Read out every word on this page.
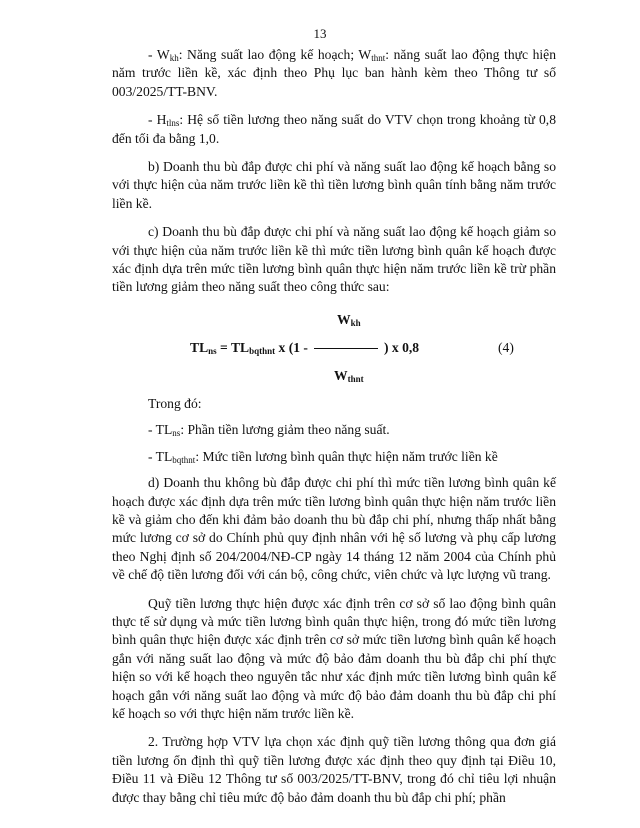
13

- $W_{kh}$: Năng suất lao động kế hoạch; $W_{thnt}$: năng suất lao động thực hiện năm trước liền kề, xác định theo Phụ lục ban hành kèm theo Thông tư số 003/2025/TT-BNV.

- $H_{tlns}$: Hệ số tiền lương theo năng suất do VTV chọn trong khoảng từ 0,8 đến tối đa bằng 1,0.

b) Doanh thu bù đắp được chi phí và năng suất lao động kế hoạch bằng so với thực hiện của năm trước liền kề thì tiền lương bình quân tính bằng năm trước liền kề.

c) Doanh thu bù đắp được chi phí và năng suất lao động kế hoạch giảm so với thực hiện của năm trước liền kề thì mức tiền lương bình quân kế hoạch được xác định dựa trên mức tiền lương bình quân thực hiện năm trước liền kề trừ phần tiền lương giảm theo năng suất theo công thức sau:

$W_{kh}$
$TL_{ns} = TL_{bqthnt}$ x (1 -	) x 0,8
$W_{thnt}$
(4)

Trong đó:

- $TL_{ns}$: Phần tiền lương giảm theo năng suất.

- $TL_{bqthnt}$: Mức tiền lương bình quân thực hiện năm trước liền kề

d) Doanh thu không bù đắp được chi phí thì mức tiền lương bình quân kế hoạch được xác định dựa trên mức tiền lương bình quân thực hiện năm trước liền kề và giảm cho đến khi đảm bảo doanh thu bù đắp chi phí, nhưng thấp nhất bằng mức lương cơ sở do Chính phủ quy định nhân với hệ số lương và phụ cấp lương theo Nghị định số 204/2004/NĐ-CP ngày 14 tháng 12 năm 2004 của Chính phủ về chế độ tiền lương đối với cán bộ, công chức, viên chức và lực lượng vũ trang.

Quỹ tiền lương thực hiện được xác định trên cơ sở số lao động bình quân thực tế sử dụng và mức tiền lương bình quân thực hiện, trong đó mức tiền lương bình quân thực hiện được xác định trên cơ sở mức tiền lương bình quân kế hoạch gắn với năng suất lao động và mức độ bảo đảm doanh thu bù đắp chi phí thực hiện so với kế hoạch theo nguyên tắc như xác định mức tiền lương bình quân kế hoạch gắn với năng suất lao động và mức độ bảo đảm doanh thu bù đắp chi phí kế hoạch so với thực hiện năm trước liền kề.

2. Trường hợp VTV lựa chọn xác định quỹ tiền lương thông qua đơn giá tiền lương ổn định thì quỹ tiền lương được xác định theo quy định tại Điều 10, Điều 11 và Điều 12 Thông tư số 003/2025/TT-BNV, trong đó chỉ tiêu lợi nhuận được thay bằng chỉ tiêu mức độ bảo đảm doanh thu bù đắp chi phí; phần
